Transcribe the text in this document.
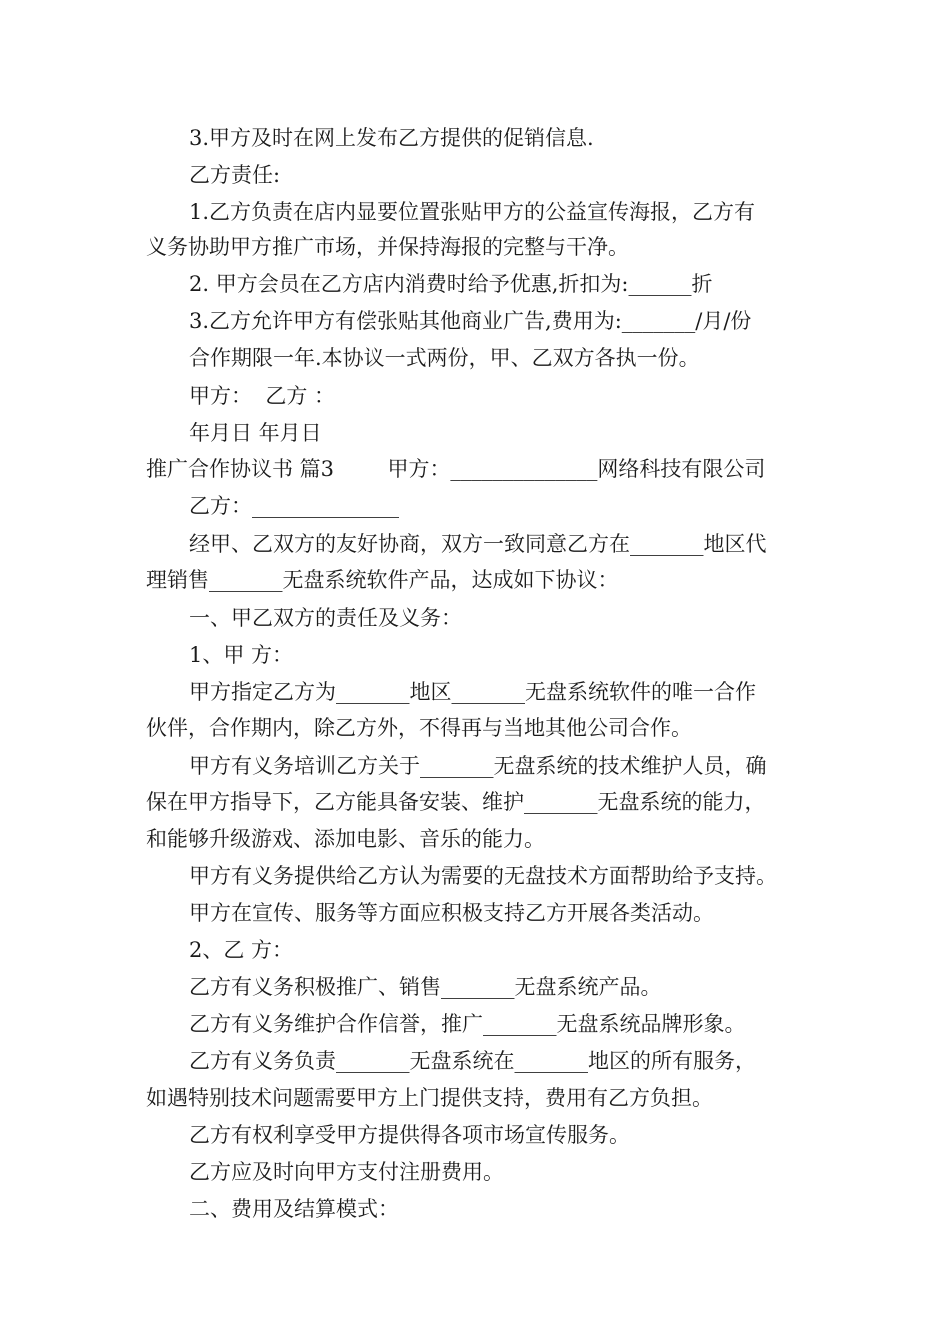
3.甲方及时在网上发布乙方提供的促销信息.
乙方责任:
1.乙方负责在店内显要位置张贴甲方的公益宣传海报，乙方有
义务协助甲方推广市场，并保持海报的完整与干净。
2. 甲方会员在乙方店内消费时给予优惠,折扣为:______折
3.乙方允许甲方有偿张贴其他商业广告,费用为:_______/月/份
合作期限一年.本协议一式两份，甲、乙双方各执一份。
甲方：  乙方 ：
年月日 年月日
推广合作协议书 篇3        甲方：______________网络科技有限公司
乙方：______________
经甲、乙双方的友好协商，双方一致同意乙方在_______地区代
理销售_______无盘系统软件产品，达成如下协议：
一、甲乙双方的责任及义务：
1、甲 方：
甲方指定乙方为_______地区_______无盘系统软件的唯一合作
伙伴，合作期内，除乙方外，不得再与当地其他公司合作。
甲方有义务培训乙方关于_______无盘系统的技术维护人员，确
保在甲方指导下，乙方能具备安装、维护_______无盘系统的能力，
和能够升级游戏、添加电影、音乐的能力。
甲方有义务提供给乙方认为需要的无盘技术方面帮助给予支持。
甲方在宣传、服务等方面应积极支持乙方开展各类活动。
2、乙 方：
乙方有义务积极推广、销售_______无盘系统产品。
乙方有义务维护合作信誉，推广_______无盘系统品牌形象。
乙方有义务负责_______无盘系统在_______地区的所有服务，
如遇特别技术问题需要甲方上门提供支持，费用有乙方负担。
乙方有权利享受甲方提供得各项市场宣传服务。
乙方应及时向甲方支付注册费用。
二、费用及结算模式：
